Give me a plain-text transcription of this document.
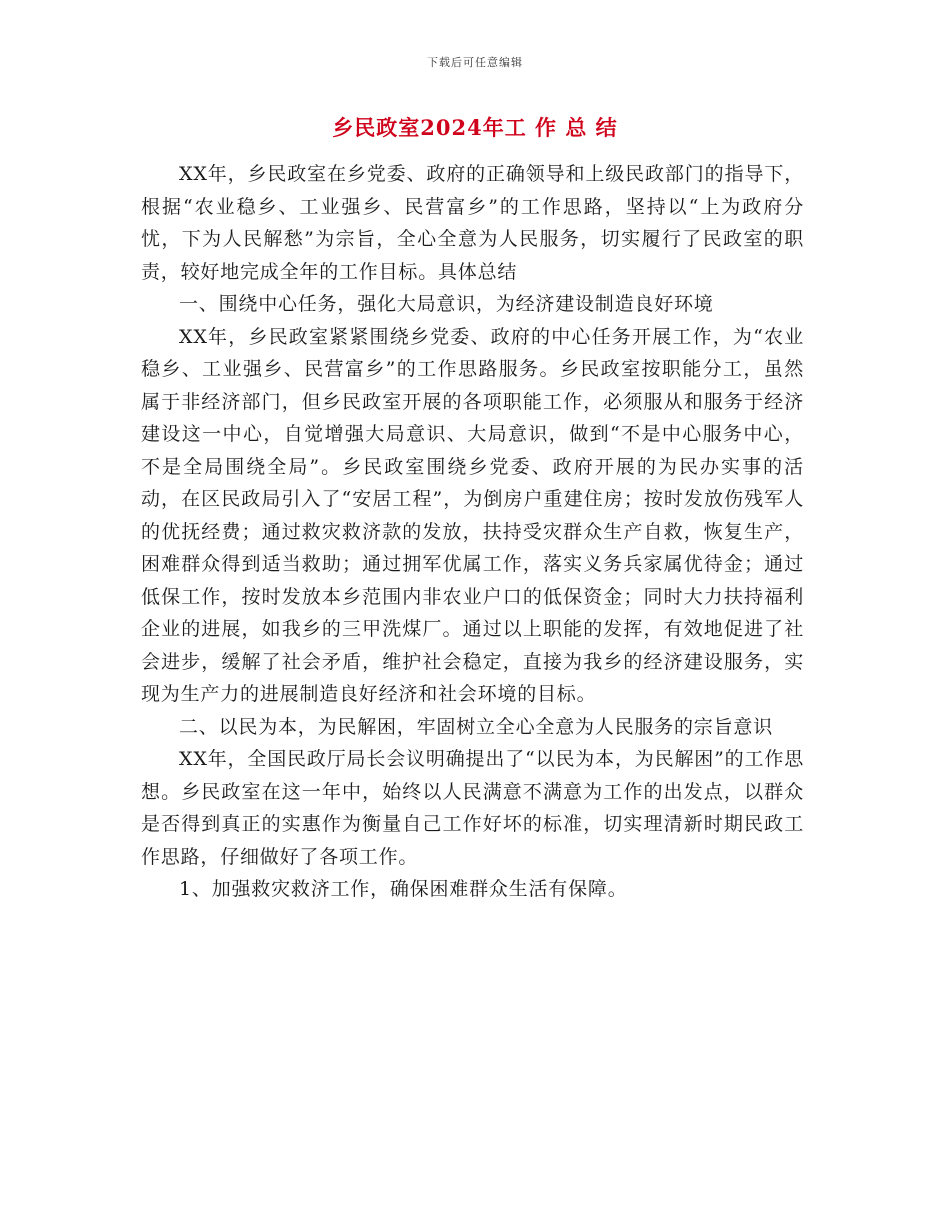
下载后可任意编辑
乡民政室2024年工 作 总 结

XX年，乡民政室在乡党委、政府的正确领导和上级民政部门的指导下，根据“农业稳乡、工业强乡、民营富乡”的工作思路，坚持以“上为政府分忧，下为人民解愁”为宗旨，全心全意为人民服务，切实履行了民政室的职责，较好地完成全年的工作目标。具体总结

一、围绕中心任务，强化大局意识，为经济建设制造良好环境

XX年，乡民政室紧紧围绕乡党委、政府的中心任务开展工作，为“农业稳乡、工业强乡、民营富乡”的工作思路服务。乡民政室按职能分工，虽然属于非经济部门，但乡民政室开展的各项职能工作，必须服从和服务于经济建设这一中心，自觉增强大局意识、大局意识，做到“不是中心服务中心，不是全局围绕全局”。乡民政室围绕乡党委、政府开展的为民办实事的活动，在区民政局引入了“安居工程”，为倒房户重建住房；按时发放伤残军人的优抚经费；通过救灾救济款的发放，扶持受灾群众生产自救，恢复生产，困难群众得到适当救助；通过拥军优属工作，落实义务兵家属优待金；通过低保工作，按时发放本乡范围内非农业户口的低保资金；同时大力扶持福利企业的进展，如我乡的三甲洗煤厂。通过以上职能的发挥，有效地促进了社会进步，缓解了社会矛盾，维护社会稳定，直接为我乡的经济建设服务，实现为生产力的进展制造良好经济和社会环境的目标。

二、以民为本，为民解困，牢固树立全心全意为人民服务的宗旨意识

XX年，全国民政厅局长会议明确提出了“以民为本，为民解困”的工作思想。乡民政室在这一年中，始终以人民满意不满意为工作的出发点，以群众是否得到真正的实惠作为衡量自己工作好坏的标准，切实理清新时期民政工作思路，仔细做好了各项工作。

1、加强救灾救济工作，确保困难群众生活有保障。
